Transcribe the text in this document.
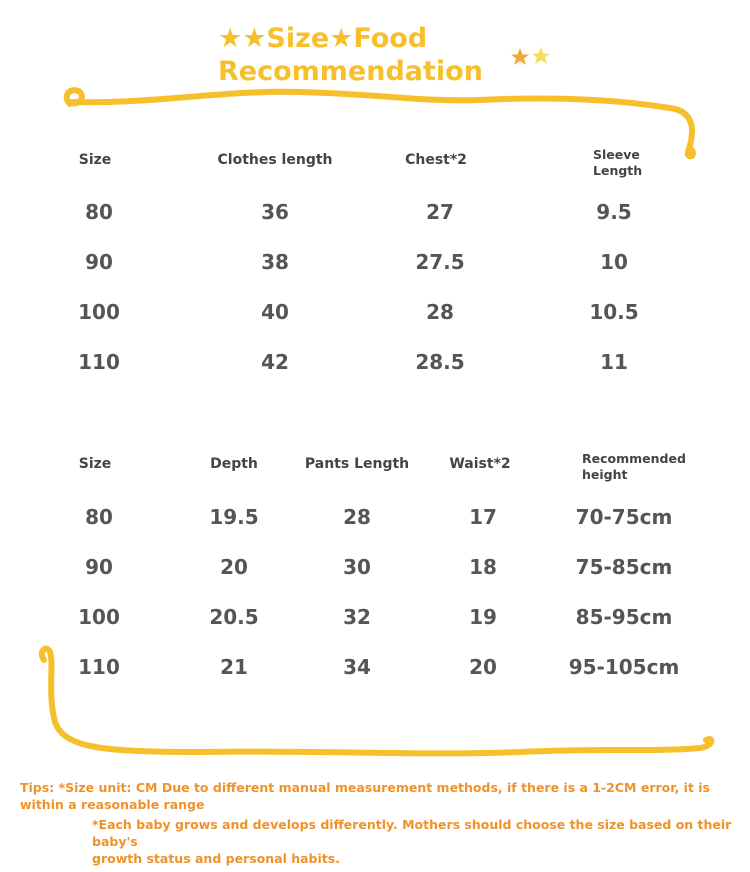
★★Size★Food
Recommendation
Size	Clothes length	Chest*2	Sleeve
Length
80	36	27	9.5
90	38	27.5	10
100	40	28	10.5
110	42	28.5	11
Size	Depth	Pants Length	Waist*2	Recommended
height
80	19.5	28	17	70-75cm
90	20	30	18	75-85cm
100	20.5	32	19	85-95cm
110	21	34	20	95-105cm
Tips: *Size unit: CM Due to different manual measurement methods, if there is a 1-2CM error, it is
within a reasonable range
*Each baby grows and develops differently. Mothers should choose the size based on their baby's
growth status and personal habits.
